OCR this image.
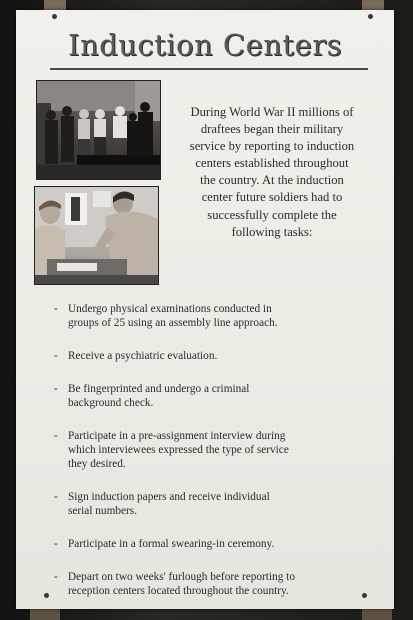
Induction Centers
During World War II millions of
draftees began their military
service by reporting to induction
centers established throughout
the country. At the induction
center future soldiers had to
successfully complete the
following tasks:
- Undergo physical examinations conducted in
groups of 25 using an assembly line approach.
- Receive a psychiatric evaluation.
- Be fingerprinted and undergo a criminal
background check.
- Participate in a pre-assignment interview during
which interviewees expressed the type of service
they desired.
- Sign induction papers and receive individual
serial numbers.
- Participate in a formal swearing-in ceremony.
- Depart on two weeks' furlough before reporting to
reception centers located throughout the country.
